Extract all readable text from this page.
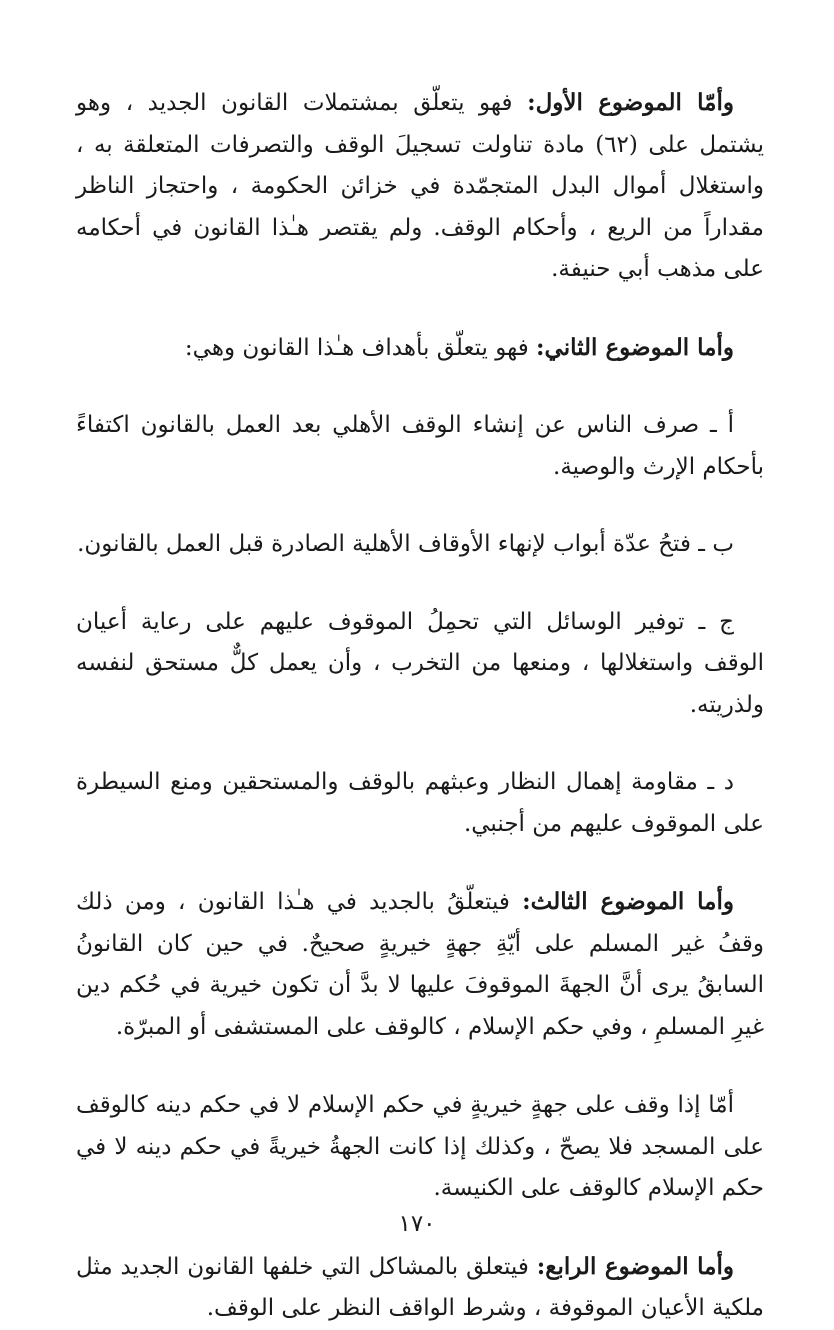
وأمّا الموضوع الأول: فهو يتعلّق بمشتملات القانون الجديد ، وهو يشتمل على (٦٢) مادة تناولت تسجيلَ الوقف والتصرفات المتعلقة به ، واستغلال أموال البدل المتجمّدة في خزائن الحكومة ، واحتجاز الناظر مقداراً من الريع ، وأحكام الوقف. ولم يقتصر هـٰذا القانون في أحكامه على مذهب أبي حنيفة.

وأما الموضوع الثاني: فهو يتعلّق بأهداف هـٰذا القانون وهي:

أ ـ صرف الناس عن إنشاء الوقف الأهلي بعد العمل بالقانون اكتفاءً بأحكام الإرث والوصية.

ب ـ فتحُ عدّة أبواب لإنهاء الأوقاف الأهلية الصادرة قبل العمل بالقانون.

ج ـ توفير الوسائل التي تحمِلُ الموقوف عليهم على رعاية أعيان الوقف واستغلالها ، ومنعها من التخرب ، وأن يعمل كلٌّ مستحق لنفسه ولذريته.

د ـ مقاومة إهمال النظار وعبثهم بالوقف والمستحقين ومنع السيطرة على الموقوف عليهم من أجنبي.

وأما الموضوع الثالث: فيتعلّقُ بالجديد في هـٰذا القانون ، ومن ذلك وقفُ غير المسلم على أيّةِ جهةٍ خيريةٍ صحيحٌ. في حين كان القانونُ السابقُ يرى أنَّ الجهةَ الموقوفَ عليها لا بدَّ أن تكون خيرية في حُكم دين غيرِ المسلمِ ، وفي حكم الإسلام ، كالوقف على المستشفى أو المبرّة.

أمّا إذا وقف على جهةٍ خيريةٍ في حكم الإسلام لا في حكم دينه كالوقف على المسجد فلا يصحّ ، وكذلك إذا كانت الجهةُ خيريةً في حكم دينه لا في حكم الإسلام كالوقف على الكنيسة.

وأما الموضوع الرابع: فيتعلق بالمشاكل التي خلفها القانون الجديد مثل ملكية الأعيان الموقوفة ، وشرط الواقف النظر على الوقف.

١٧٠
